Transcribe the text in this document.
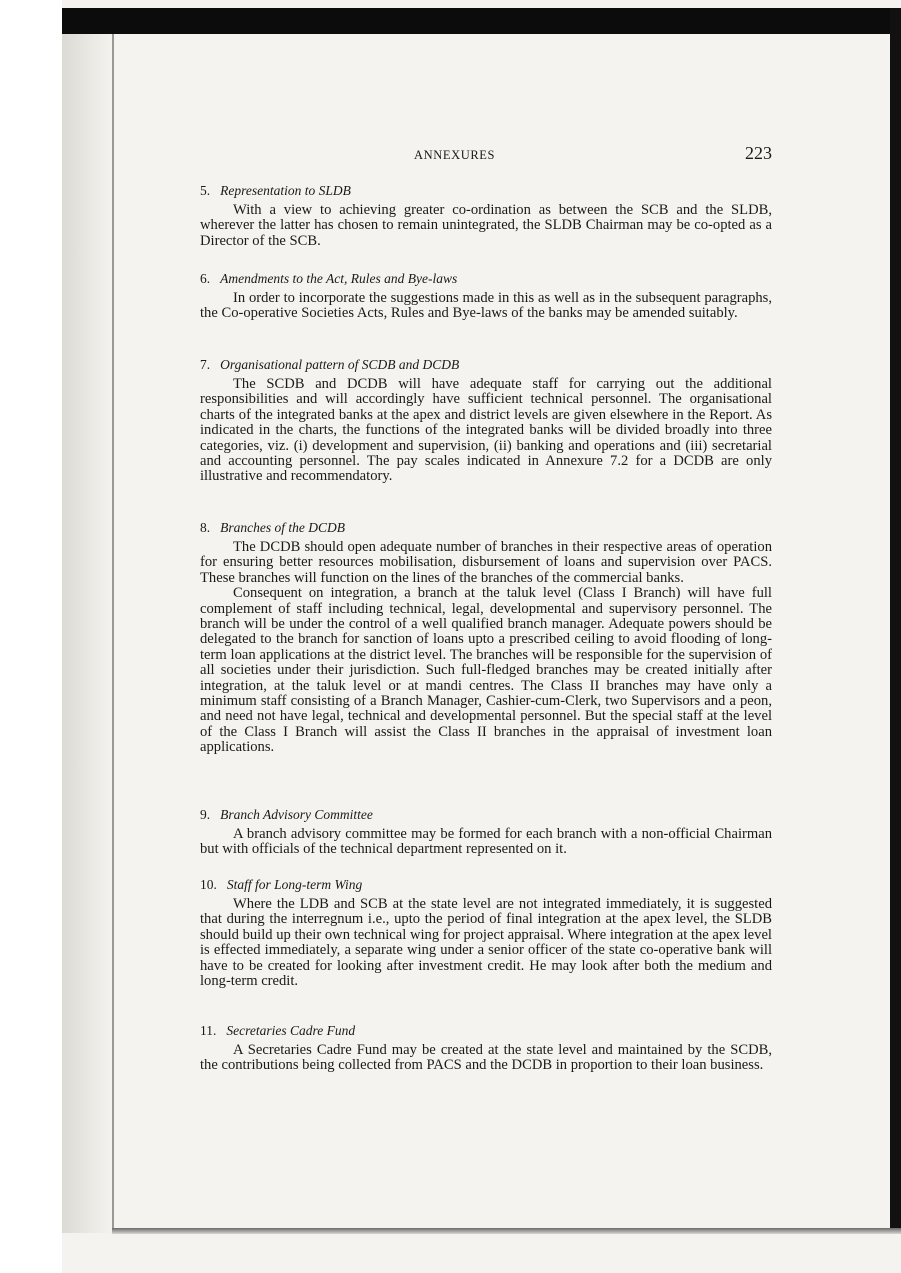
ANNEXURES	223

5. Representation to SLDB

With a view to achieving greater co-ordination as between the SCB and the SLDB, wherever the latter has chosen to remain unintegrated, the SLDB Chairman may be co-opted as a Director of the SCB.

6. Amendments to the Act, Rules and Bye-laws

In order to incorporate the suggestions made in this as well as in the subsequent paragraphs, the Co-operative Societies Acts, Rules and Bye-laws of the banks may be amended suitably.

7. Organisational pattern of SCDB and DCDB

The SCDB and DCDB will have adequate staff for carrying out the additional responsibilities and will accordingly have sufficient technical personnel. The organisational charts of the integrated banks at the apex and district levels are given elsewhere in the Report. As indicated in the charts, the functions of the integrated banks will be divided broadly into three categories, viz. (i) development and supervision, (ii) banking and operations and (iii) secretarial and accounting personnel. The pay scales indicated in Annexure 7.2 for a DCDB are only illustrative and recommendatory.

8. Branches of the DCDB

The DCDB should open adequate number of branches in their respective areas of operation for ensuring better resources mobilisation, disbursement of loans and supervision over PACS. These branches will function on the lines of the branches of the commercial banks.

Consequent on integration, a branch at the taluk level (Class I Branch) will have full complement of staff including technical, legal, developmental and supervisory personnel. The branch will be under the control of a well qualified branch manager. Adequate powers should be delegated to the branch for sanction of loans upto a prescribed ceiling to avoid flooding of long-term loan applications at the district level. The branches will be responsible for the supervision of all societies under their jurisdiction. Such full-fledged branches may be created initially after integration, at the taluk level or at mandi centres. The Class II branches may have only a minimum staff consisting of a Branch Manager, Cashier-cum-Clerk, two Supervisors and a peon, and need not have legal, technical and developmental personnel. But the special staff at the level of the Class I Branch will assist the Class II branches in the appraisal of investment loan applications.

9. Branch Advisory Committee

A branch advisory committee may be formed for each branch with a non-official Chairman but with officials of the technical department represented on it.

10. Staff for Long-term Wing

Where the LDB and SCB at the state level are not integrated immediately, it is suggested that during the interregnum i.e., upto the period of final integration at the apex level, the SLDB should build up their own technical wing for project appraisal. Where integration at the apex level is effected immediately, a separate wing under a senior officer of the state co-operative bank will have to be created for looking after investment credit. He may look after both the medium and long-term credit.

11. Secretaries Cadre Fund

A Secretaries Cadre Fund may be created at the state level and maintained by the SCDB, the contributions being collected from PACS and the DCDB in proportion to their loan business.
